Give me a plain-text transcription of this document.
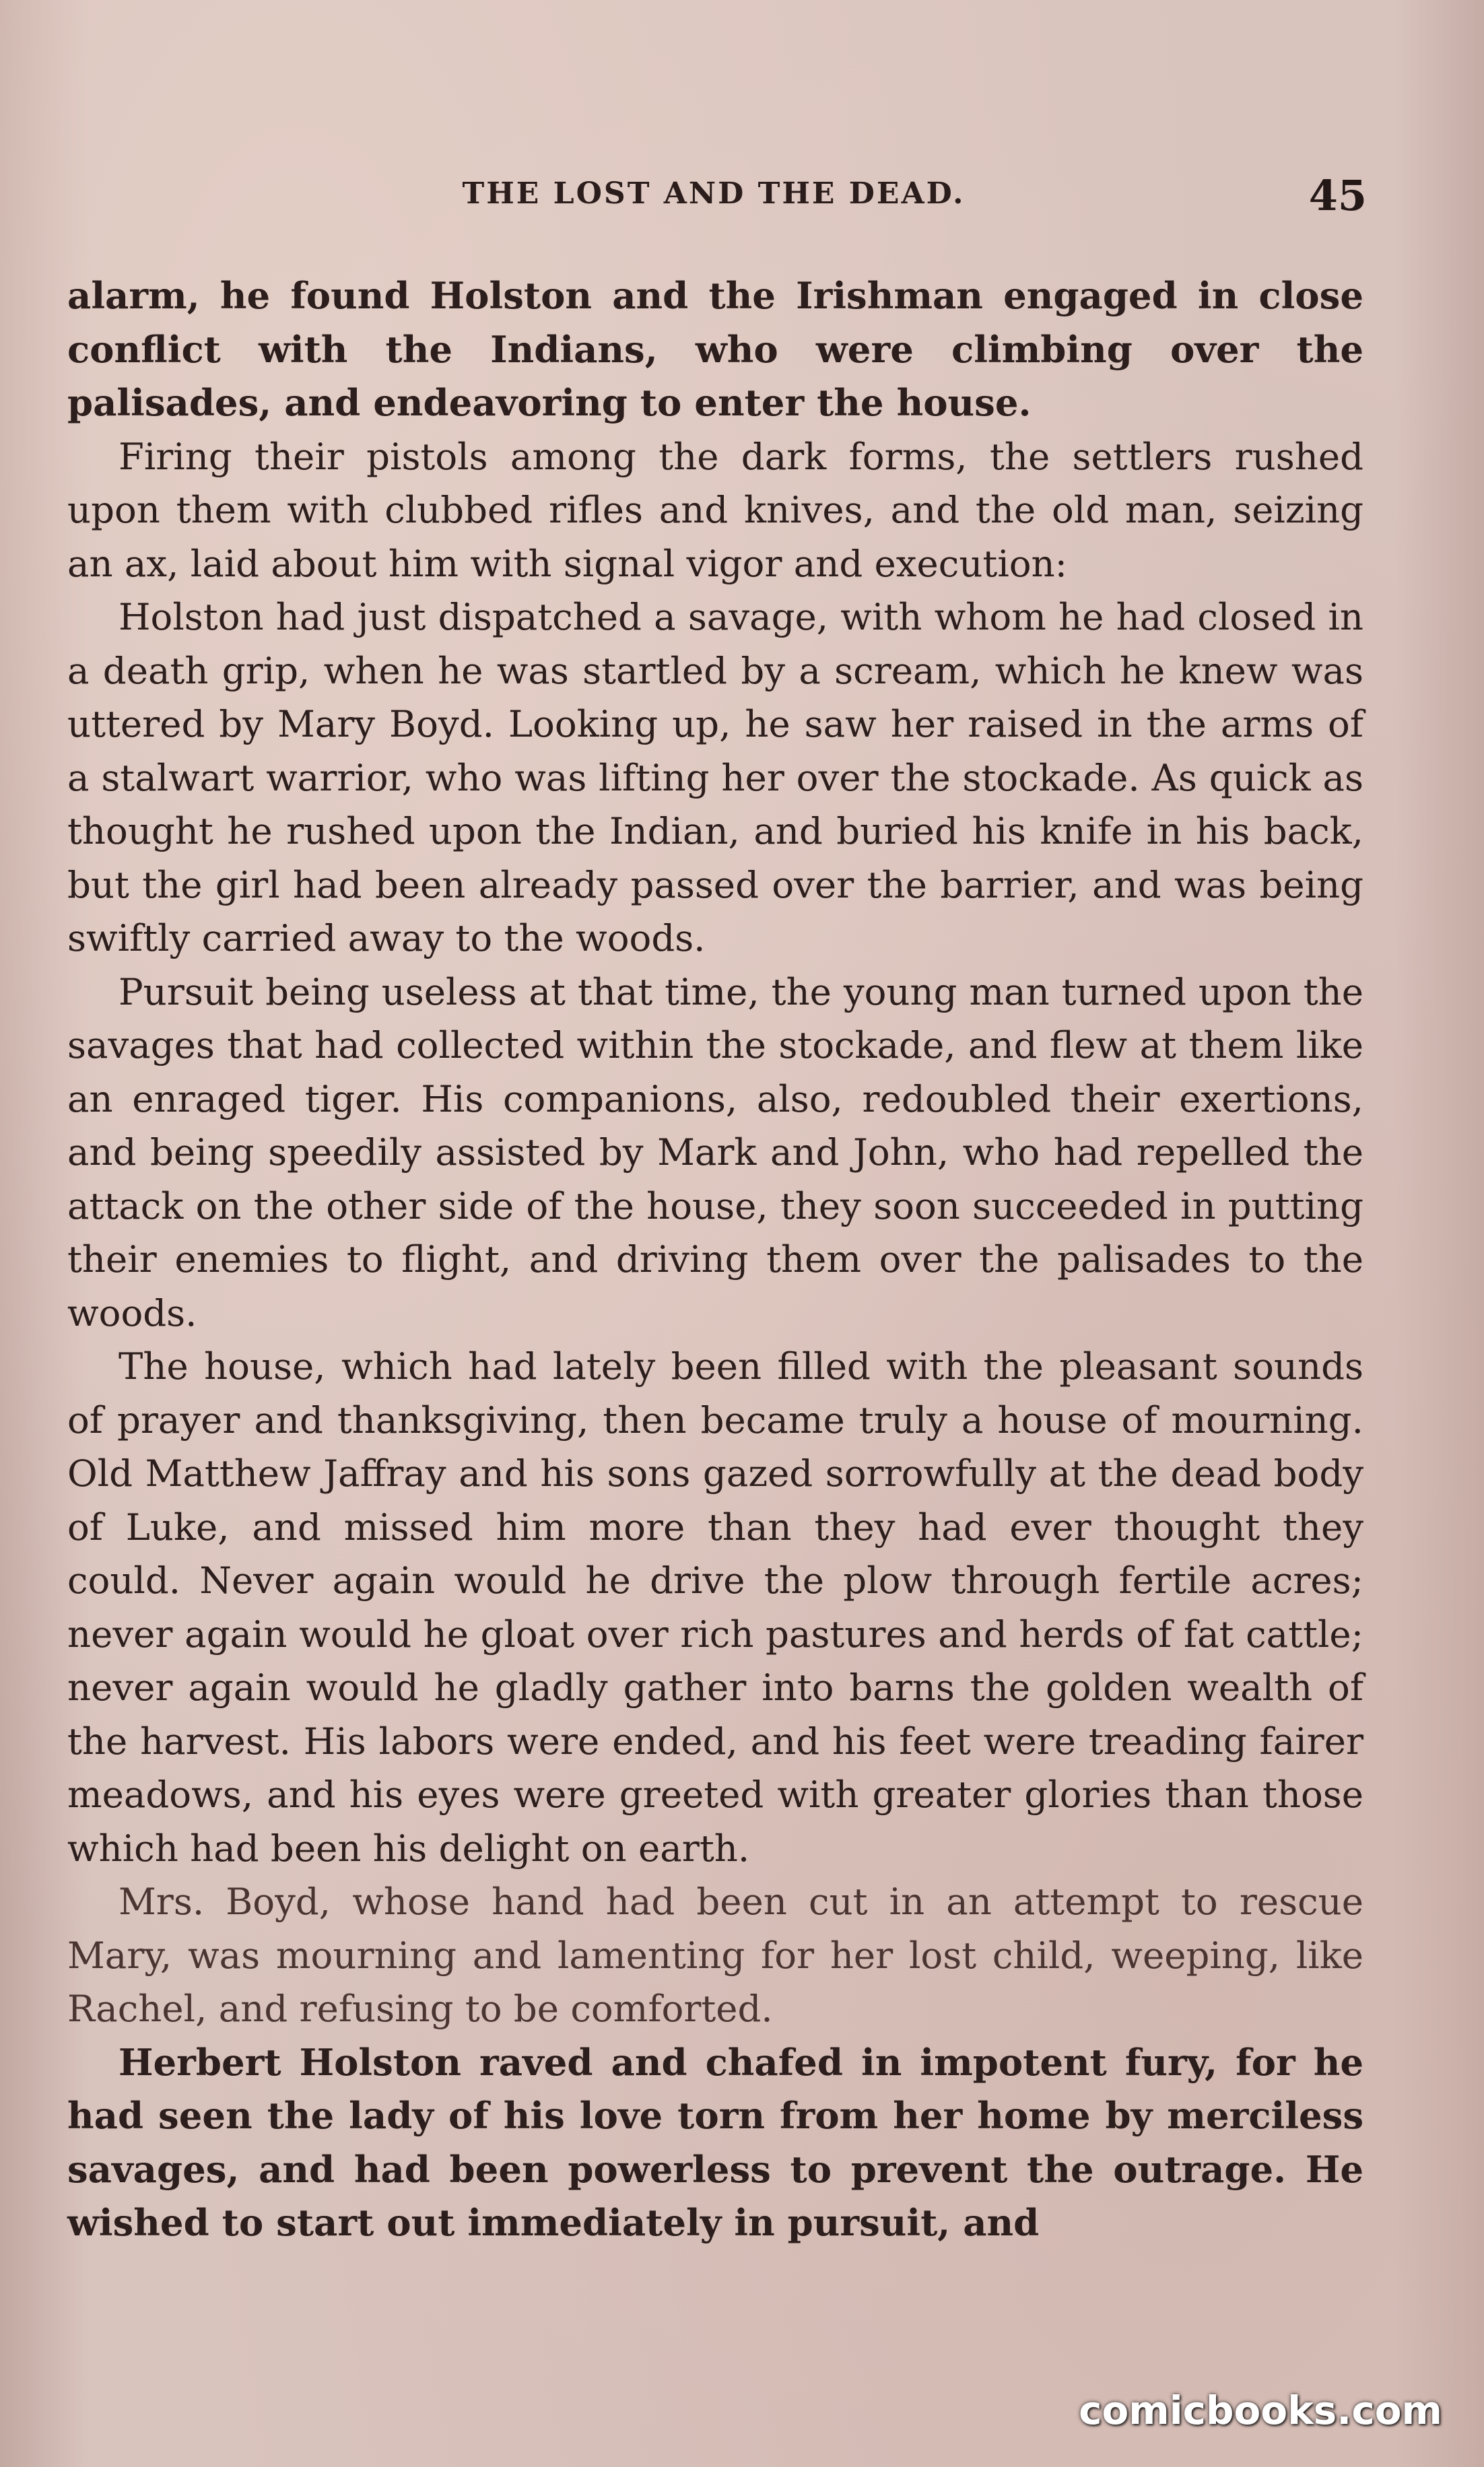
THE LOST AND THE DEAD.	45

alarm, he found Holston and the Irishman engaged in close conflict with the Indians, who were climbing over the palisades, and endeavoring to enter the house.

Firing their pistols among the dark forms, the settlers rushed upon them with clubbed rifles and knives, and the old man, seizing an ax, laid about him with signal vigor and execution:

Holston had just dispatched a savage, with whom he had closed in a death grip, when he was startled by a scream, which he knew was uttered by Mary Boyd. Looking up, he saw her raised in the arms of a stalwart warrior, who was lifting her over the stockade. As quick as thought he rushed upon the Indian, and buried his knife in his back, but the girl had been already passed over the barrier, and was being swiftly carried away to the woods.

Pursuit being useless at that time, the young man turned upon the savages that had collected within the stockade, and flew at them like an enraged tiger. His companions, also, redoubled their exertions, and being speedily assisted by Mark and John, who had repelled the attack on the other side of the house, they soon succeeded in putting their enemies to flight, and driving them over the palisades to the woods.

The house, which had lately been filled with the pleasant sounds of prayer and thanksgiving, then became truly a house of mourning. Old Matthew Jaffray and his sons gazed sorrowfully at the dead body of Luke, and missed him more than they had ever thought they could. Never again would he drive the plow through fertile acres; never again would he gloat over rich pastures and herds of fat cattle; never again would he gladly gather into barns the golden wealth of the harvest. His labors were ended, and his feet were treading fairer meadows, and his eyes were greeted with greater glories than those which had been his delight on earth.

Mrs. Boyd, whose hand had been cut in an attempt to rescue Mary, was mourning and lamenting for her lost child, weeping, like Rachel, and refusing to be comforted.

Herbert Holston raved and chafed in impotent fury, for he had seen the lady of his love torn from her home by merciless savages, and had been powerless to prevent the outrage. He wished to start out immediately in pursuit, and

comicbooks.com
